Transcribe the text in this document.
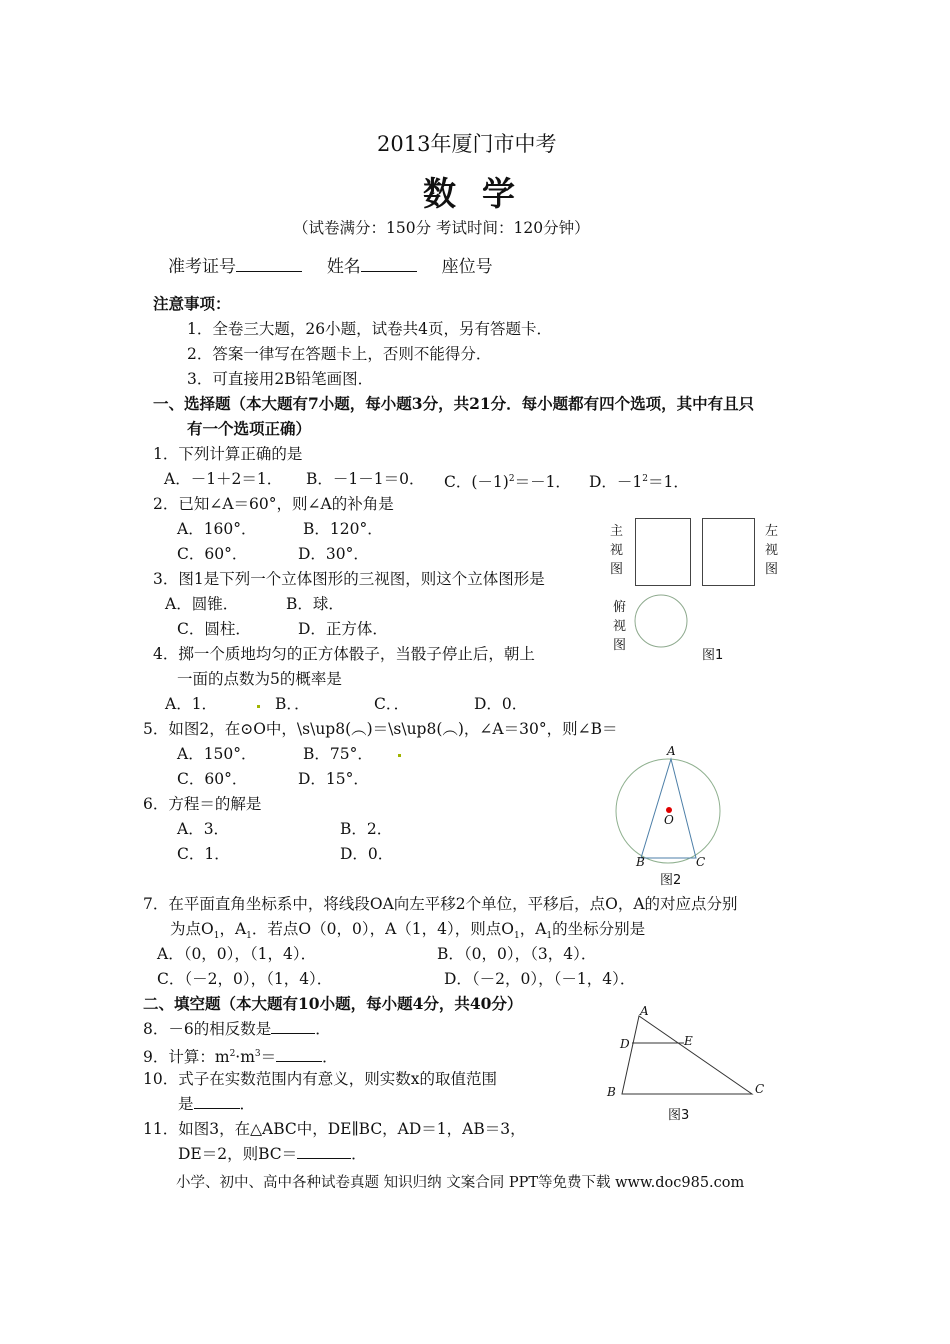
2013年厦门市中考
数  学
（试卷满分：150分 考试时间：120分钟）
准考证号	姓名	座位号
注意事项：
1．全卷三大题，26小题，试卷共4页，另有答题卡．
2．答案一律写在答题卡上，否则不能得分．
3．可直接用2B铅笔画图．
一、选择题（本大题有7小题，每小题3分，共21分．每小题都有四个选项，其中有且只
有一个选项正确）
1．下列计算正确的是
A．－1＋2＝1． B．－1－1＝0． C．$(-1)^2=-1$． D．$-1^2=1$．
2．已知∠A＝60°，则∠A的补角是
A．160°．	B．120°．
C．60°．	D．30°．
3．图1是下列一个立体图形的三视图，则这个立体图形是
A．圆锥．	B．球．
C．圆柱．	D．正方体．
4．掷一个质地均匀的正方体骰子，当骰子停止后，朝上
一面的点数为5的概率是
A．1．	B．．	C．．	D．0．
5．如图2，在⊙O中，\s\up8(︵)＝\s\up8(︵)，∠A＝30°，则∠B＝
A．150°．	B．75°．
C．60°．	D．15°．
6．方程＝的解是
A．3．	B．2．
C．1．	D．0．
7．在平面直角坐标系中，将线段OA向左平移2个单位，平移后，点O，A的对应点分别
为点$O_1$，$A_1$．若点O（0，0），A（1，4），则点$O_1$，$A_1$的坐标分别是
A．（0，0），（1，4）．	B．（0，0），（3，4）．
C．（－2，0），（1，4）．	D．（－2，0），（－1，4）．
二、填空题（本大题有10小题，每小题4分，共40分）
8．－6的相反数是	．
9．计算：$m^2\cdot m^3=$	．
10．式子在实数范围内有意义，则实数x的取值范围
是	．
11．如图3，在△ABC中，DE∥BC，AD＝1，AB＝3，
DE＝2，则BC＝	．
小学、初中、高中各种试卷真题 知识归纳 文案合同 PPT等免费下载 www.doc985.com
主视图
左视图
俯视图
图1
A
O
B	C
图2
A
D	E
B	C
图3
